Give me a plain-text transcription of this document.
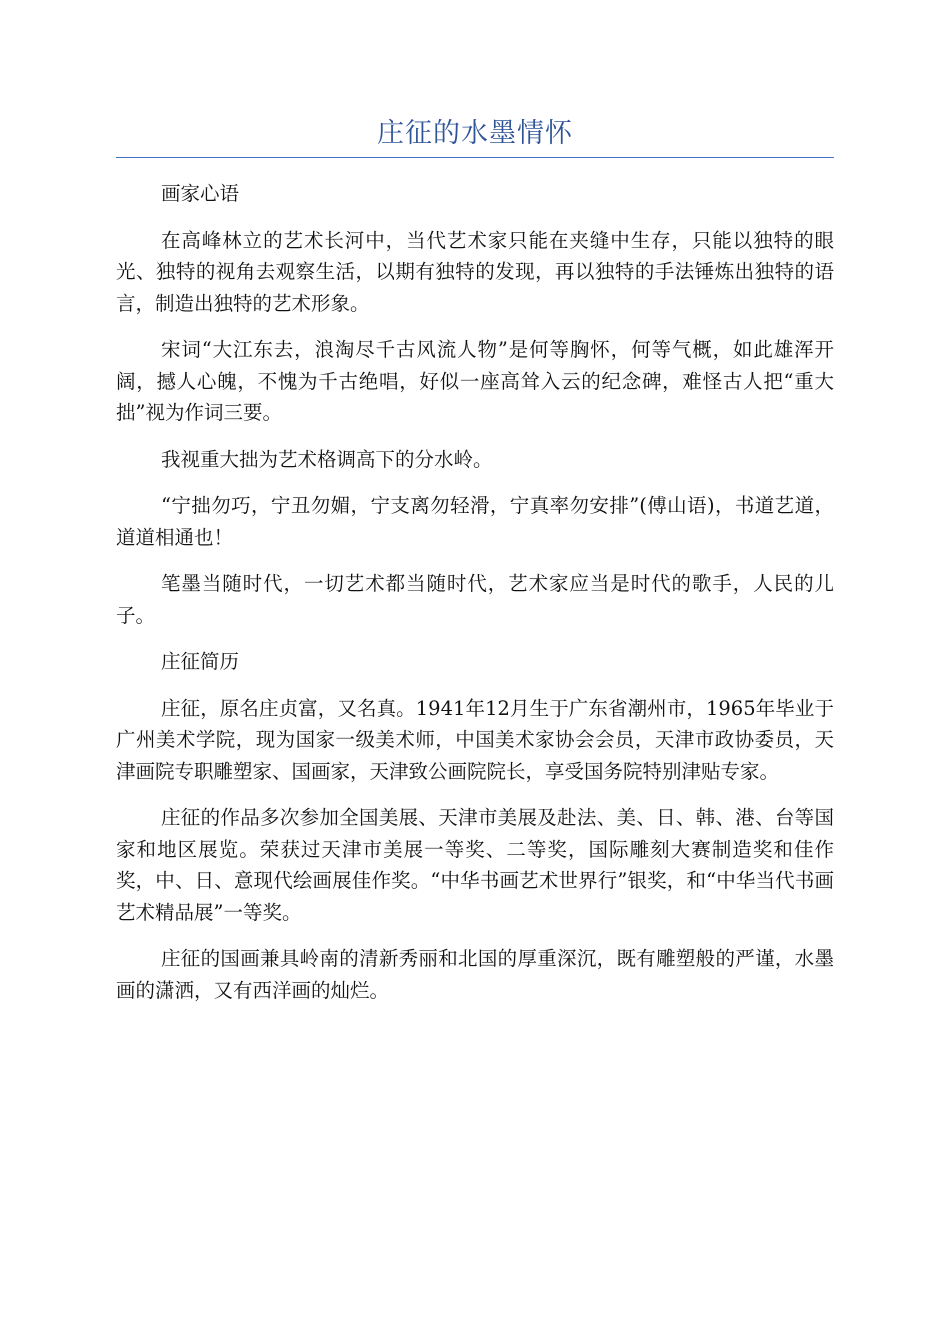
庄征的水墨情怀

画家心语

在高峰林立的艺术长河中，当代艺术家只能在夹缝中生存，只能以独特的眼光、独特的视角去观察生活，以期有独特的发现，再以独特的手法锤炼出独特的语言，制造出独特的艺术形象。

宋词“大江东去，浪淘尽千古风流人物”是何等胸怀，何等气概，如此雄浑开阔，撼人心魄，不愧为千古绝唱，好似一座高耸入云的纪念碑，难怪古人把“重大拙”视为作词三要。

我视重大拙为艺术格调高下的分水岭。

“宁拙勿巧，宁丑勿媚，宁支离勿轻滑，宁真率勿安排”(傅山语)，书道艺道，道道相通也！

笔墨当随时代，一切艺术都当随时代，艺术家应当是时代的歌手，人民的儿子。

庄征简历

庄征，原名庄贞富，又名真。1941年12月生于广东省潮州市，1965年毕业于广州美术学院，现为国家一级美术师，中国美术家协会会员，天津市政协委员，天津画院专职雕塑家、国画家，天津致公画院院长，享受国务院特别津贴专家。

庄征的作品多次参加全国美展、天津市美展及赴法、美、日、韩、港、台等国家和地区展览。荣获过天津市美展一等奖、二等奖，国际雕刻大赛制造奖和佳作奖，中、日、意现代绘画展佳作奖。“中华书画艺术世界行”银奖，和“中华当代书画艺术精品展”一等奖。

庄征的国画兼具岭南的清新秀丽和北国的厚重深沉，既有雕塑般的严谨，水墨画的潇洒，又有西洋画的灿烂。
